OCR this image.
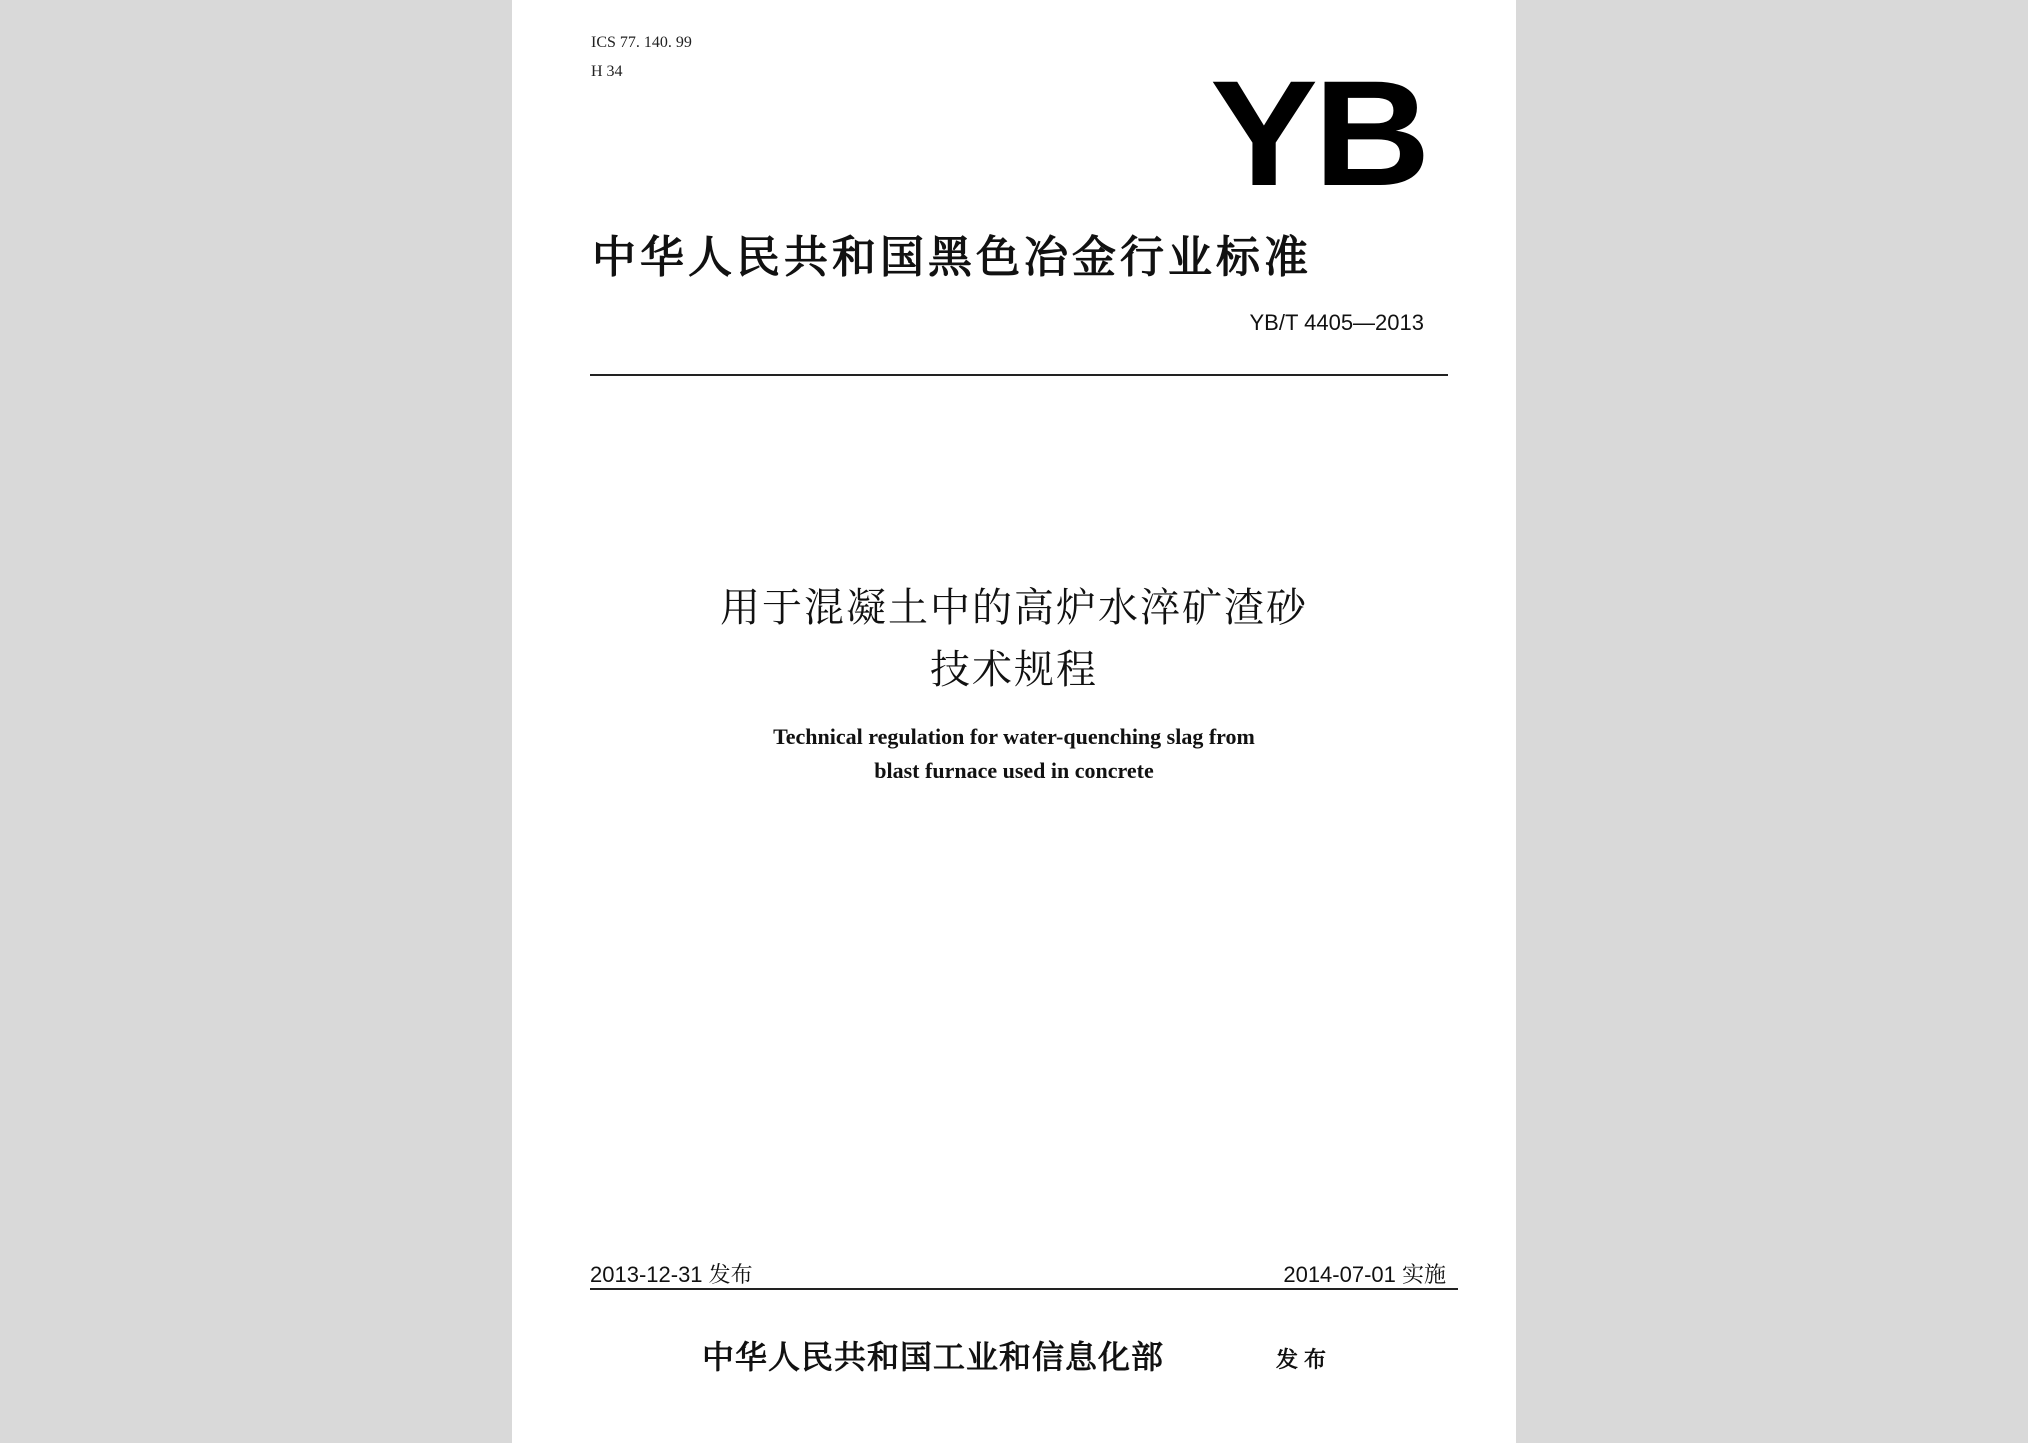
ICS 77. 140. 99
H 34	YB
中华人民共和国黑色冶金行业标准
YB/T 4405—2013
用于混凝土中的高炉水淬矿渣砂
技术规程
Technical regulation for water-quenching slag from
blast furnace used in concrete
2013-12-31 发布	2014-07-01 实施
中华人民共和国工业和信息化部	发布
